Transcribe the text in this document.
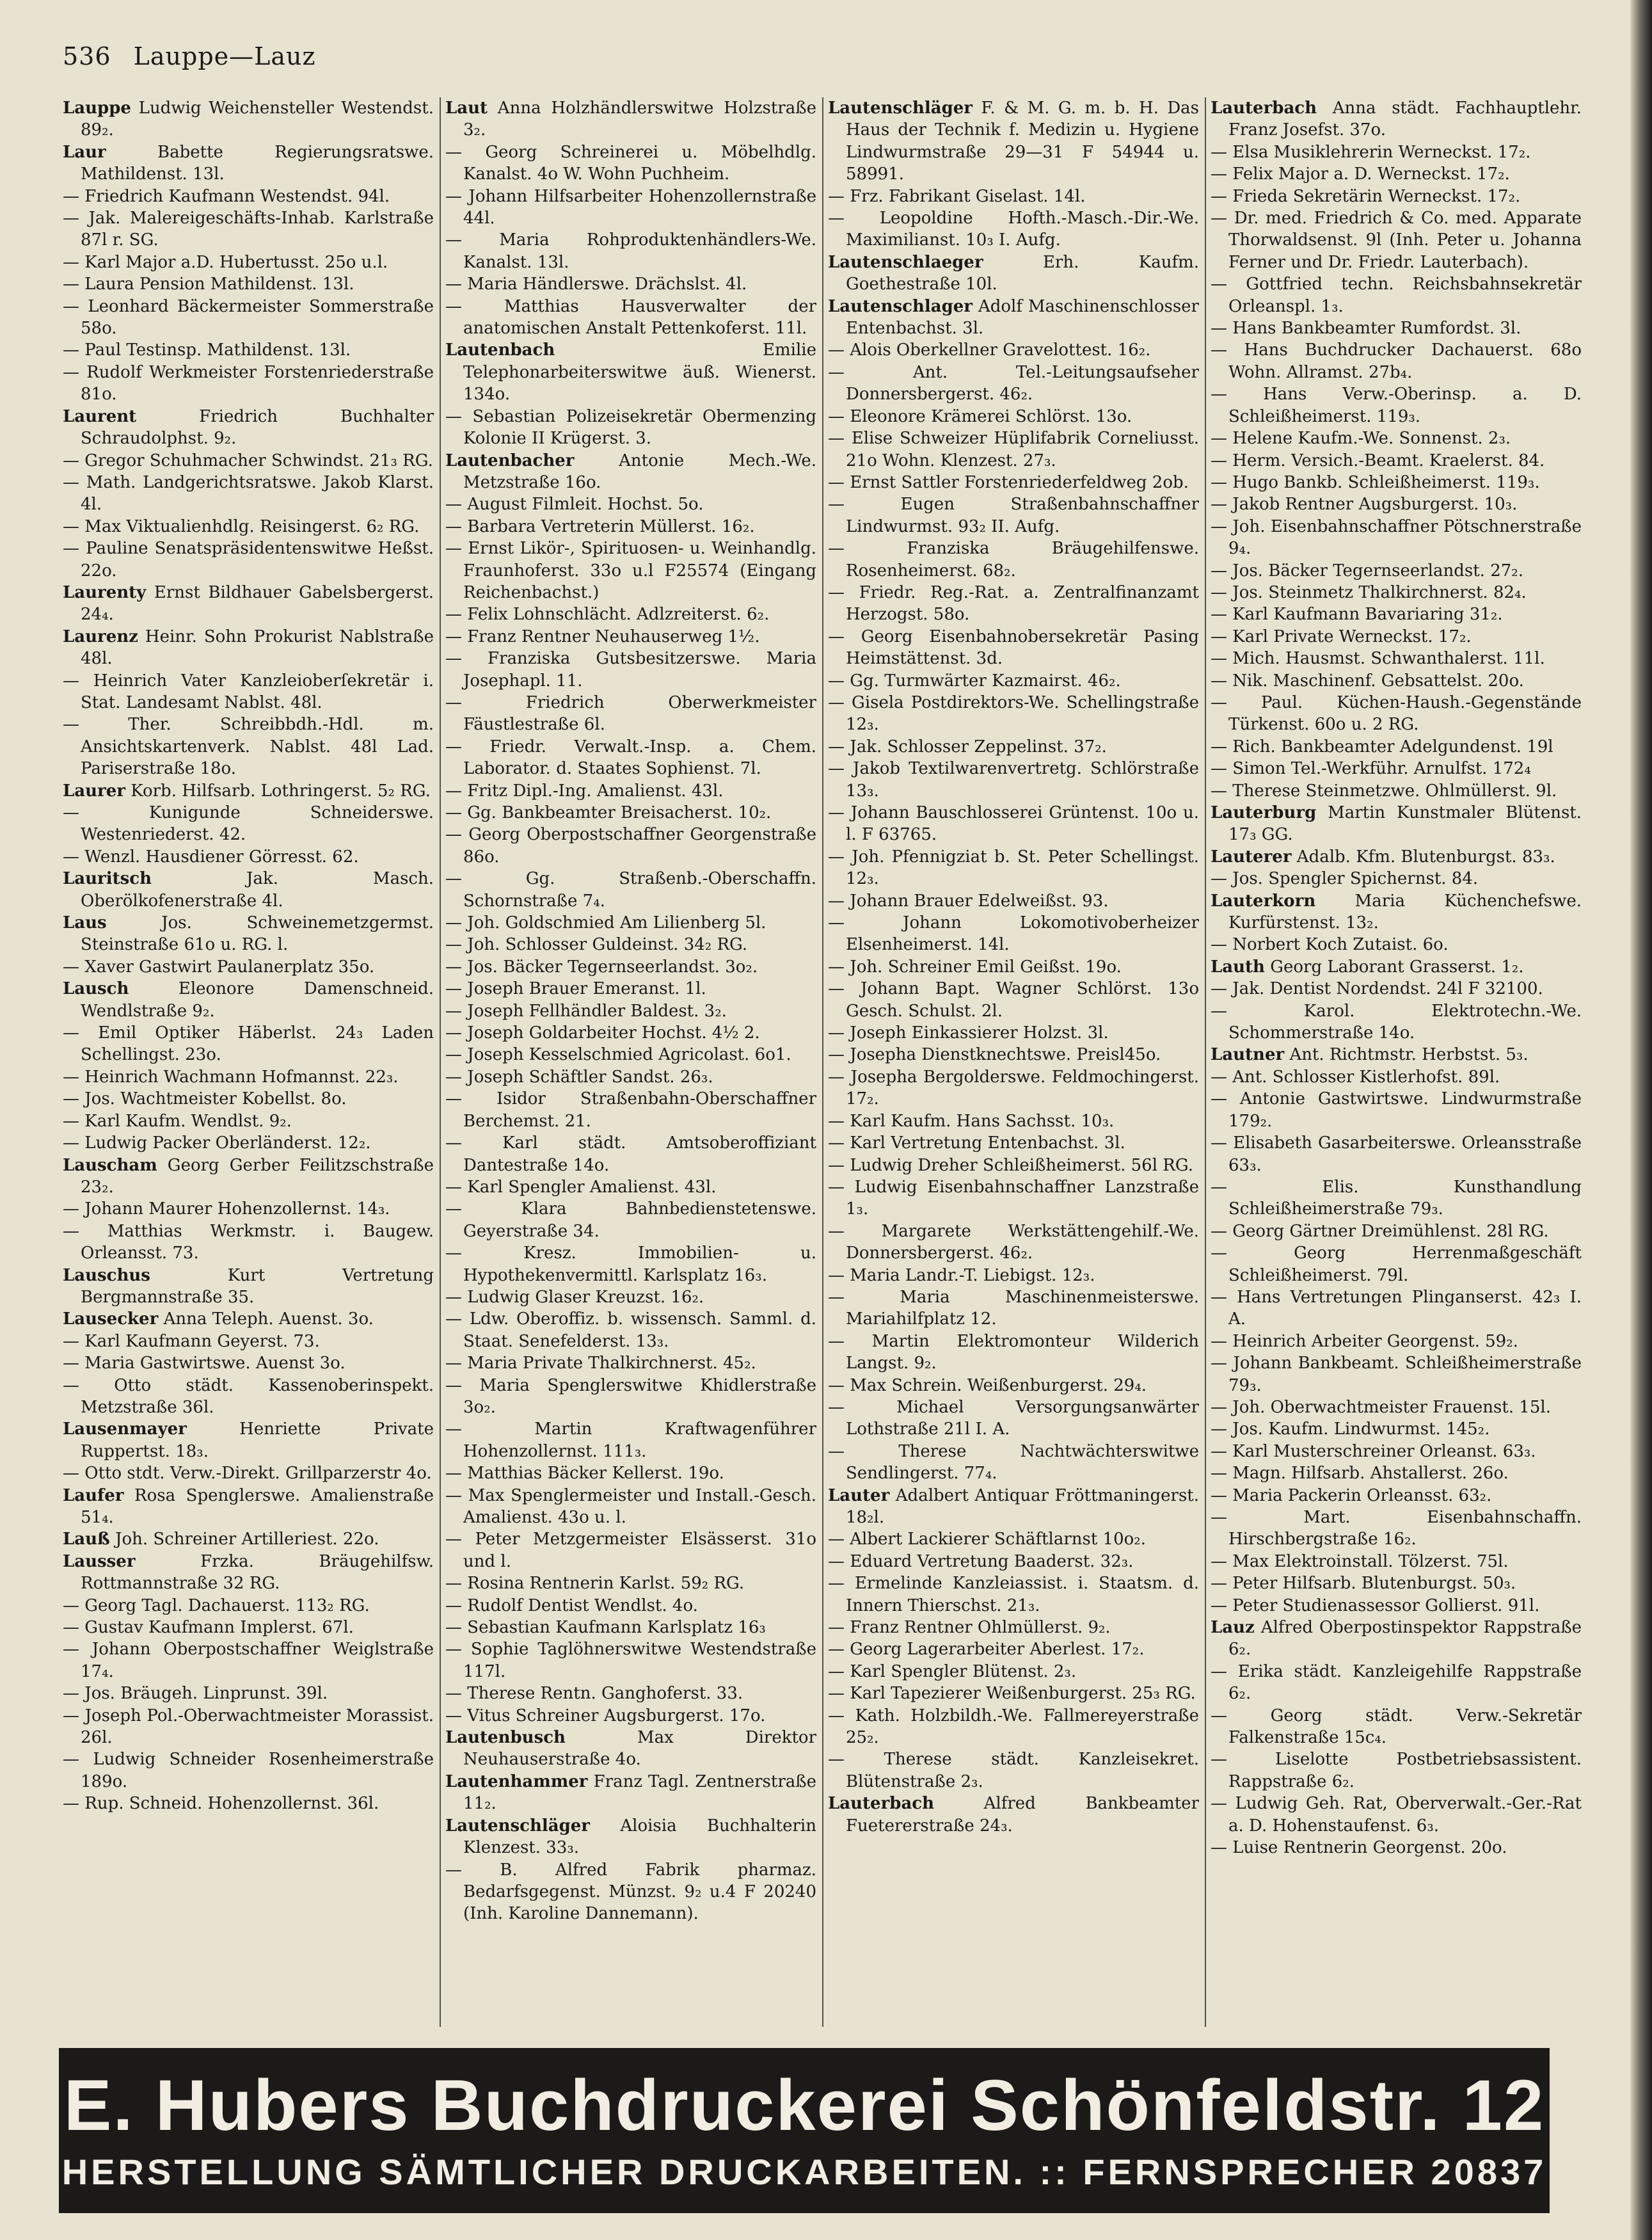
536 Lauppe—Lauz
Lauppe Ludwig Weichensteller Westendst. 89₂.
Laur	Babette Regierungsratswe. Mathildenst. 13l.
— Friedrich Kaufmann Westendst. 94l.
— Jak. Malereigeschäfts-Inhab. Karlstraße 87l r. SG.
— Karl Major a.D. Hubertusst. 25o u.l.
— Laura Pension Mathildenst. 13l.
— Leonhard Bäckermeister Sommerstraße 58o.
— Paul Testinsp. Mathildenst. 13l.
— Rudolf Werkmeister Forstenriederstraße 81o.
Laurent	Friedrich Buchhalter Schraudolphst. 9₂.
— Gregor Schuhmacher Schwindst. 21₃ RG.
— Math. Landgerichtsratswe. Jakob Klarst. 4l.
— Max Viktualienhdlg. Reisingerst. 6₂ RG.
— Pauline Senatspräsidentenswitwe Heßst. 22o.
Laurenty Ernst Bildhauer Gabelsbergerst. 24₄.
Laurenz Heinr. Sohn Prokurist Nablstraße 48l.
— Heinrich Vater Kanzleioberſekretär i. Stat. Landesamt Nablst. 48l.
— Ther. Schreibbdh.-Hdl. m. Ansichtskartenverk. Nablst. 48l Lad. Pariserstraße 18o.
Laurer Korb. Hilfsarb. Lothringerst. 5₂ RG.
— Kunigunde Schneiderswe. Westenriederst. 42.
— Wenzl. Hausdiener Görresst. 62.
Lauritsch	Jak. Masch. Oberölkofenerstraße 4l.
Laus	Jos. Schweinemetzgermst. Steinstraße 61o u. RG. l.
— Xaver Gastwirt Paulanerplatz 35o.
Lausch	Eleonore Damenschneid. Wendlstraße 9₂.
— Emil Optiker Häberlst. 24₃ Laden Schellingst. 23o.
— Heinrich Wachmann Hofmannst. 22₃.
— Jos. Wachtmeister Kobellst. 8o.
— Karl Kaufm. Wendlst. 9₂.
— Ludwig Packer Oberländerst. 12₂.
Lauscham Georg Gerber Feilitzschstraße 23₂.
— Johann Maurer Hohenzollernst. 14₃.
— Matthias Werkmstr. i. Baugew. Orleansst. 73.
Lauschus	Kurt Vertretung Bergmannstraße 35.
Lausecker Anna Teleph. Auenst. 3o.
— Karl Kaufmann Geyerst. 73.
— Maria Gastwirtswe. Auenst 3o.
— Otto städt. Kassenoberinspekt. Metzstraße 36l.
Lausenmayer	Henriette Private Ruppertst. 18₃.
— Otto stdt. Verw.-Direkt. Grillparzerstr 4o.
Laufer Rosa Spenglerswe. Amalienstraße 51₄.
Lauß Joh. Schreiner Artilleriest. 22o.
Lausser	Frzka. Bräugehilfsw. Rottmannstraße 32 RG.
— Georg Tagl. Dachauerst. 113₂ RG.
— Gustav Kaufmann Implerst. 67l.
— Johann Oberpostschaffner Weiglstraße 17₄.
— Jos. Bräugeh. Linprunst. 39l.
— Joseph Pol.-Oberwachtmeister Morassist. 26l.
— Ludwig Schneider Rosenheimerstraße 189o.
— Rup. Schneid. Hohenzollernst. 36l.
Laut Anna Holzhändlerswitwe Holzstraße 3₂.
— Georg Schreinerei u. Möbelhdlg. Kanalst. 4o W. Wohn Puchheim.
— Johann Hilfsarbeiter Hohenzollernstraße 44l.
— Maria Rohproduktenhändlers-We. Kanalst. 13l.
— Maria Händlerswe. Drächslst. 4l.
— Matthias Hausverwalter der anatomischen Anstalt Pettenkoferst. 11l.
Lautenbach	Emilie Telephonarbeiterswitwe äuß. Wienerst. 134o.
— Sebastian Polizeisekretär Obermenzing Kolonie II Krügerst. 3.
Lautenbacher	Antonie Mech.-We. Metzstraße 16o.
— August Filmleit. Hochst. 5o.
— Barbara Vertreterin Müllerst. 16₂.
— Ernst Likör-, Spirituosen- u. Weinhandlg. Fraunhoferst. 33o u.l F25574 (Eingang Reichenbachst.)
— Felix Lohnschlächt. Adlzreiterst. 6₂.
— Franz Rentner Neuhauserweg 1½.
— Franziska Gutsbesitzerswe. Maria Josephapl. 11.
— Friedrich Oberwerkmeister Fäustlestraße 6l.
— Friedr. Verwalt.-Insp. a. Chem. Laborator. d. Staates Sophienst. 7l.
— Fritz Dipl.-Ing. Amalienst. 43l.
— Gg. Bankbeamter Breisacherst. 10₂.
— Georg Oberpostschaffner Georgenstraße 86o.
— Gg. Straßenb.-Oberschaffn. Schornstraße 7₄.
— Joh. Goldschmied Am Lilienberg 5l.
— Joh. Schlosser Guldeinst. 34₂ RG.
— Jos. Bäcker Tegernseerlandst. 3o₂.
— Joseph Brauer Emeranst. 1l.
— Joseph Fellhändler Baldest. 3₂.
— Joseph Goldarbeiter Hochst. 4½ 2.
— Joseph Kesselschmied Agricolast. 6o1.
— Joseph Schäftler Sandst. 26₃.
— Isidor Straßenbahn-Oberschaffner Berchemst. 21.
— Karl städt. Amtsoberoffiziant Dantestraße 14o.
— Karl Spengler Amalienst. 43l.
— Klara Bahnbedienstetenswe. Geyerstraße 34.
— Kresz. Immobilien- u. Hypothekenvermittl. Karlsplatz 16₃.
— Ludwig Glaser Kreuzst. 16₂.
— Ldw. Oberoffiz. b. wissensch. Samml. d. Staat. Senefelderst. 13₃.
— Maria Private Thalkirchnerst. 45₂.
— Maria Spenglerswitwe Khidlerstraße 3o₂.
— Martin Kraftwagenführer Hohenzollernst. 111₃.
— Matthias Bäcker Kellerst. 19o.
— Max Spenglermeister und Install.-Gesch. Amalienst. 43o u. l.
— Peter Metzgermeister Elsässerst. 31o und l.
— Rosina Rentnerin Karlst. 59₂ RG.
— Rudolf Dentist Wendlst. 4o.
— Sebastian Kaufmann Karlsplatz 16₃
— Sophie Taglöhnerswitwe Westendstraße 117l.
— Therese Rentn. Ganghoferst. 33.
— Vitus Schreiner Augsburgerst. 17o.
Lautenbusch	Max Direktor Neuhauserstraße 4o.
Lautenhammer Franz Tagl. Zentnerstraße 11₂.
Lautenschläger Aloisia Buchhalterin Klenzest. 33₃.
— B. Alfred Fabrik pharmaz. Bedarfsgegenst. Münzst. 9₂ u.4 F 20240 (Inh. Karoline Dannemann).
Lautenschläger F. & M. G. m. b. H. Das Haus der Technik f. Medizin u. Hygiene Lindwurmstraße 29—31 F 54944 u. 58991.
— Frz. Fabrikant Giselast. 14l.
— Leopoldine Hofth.-Masch.-Dir.-We. Maximilianst. 10₃ I. Aufg.
Lautenschlaeger	Erh. Kaufm. Goethestraße 10l.
Lautenschlager Adolf Maschinenschlosser Entenbachst. 3l.
— Alois Oberkellner Gravelottest. 16₂.
— Ant. Tel.-Leitungsaufseher Donnersbergerst. 46₂.
— Eleonore Krämerei Schlörst. 13o.
— Elise Schweizer Hüplifabrik Corneliusst. 21o Wohn. Klenzest. 27₃.
— Ernst Sattler Forstenriederfeldweg 2ob.
— Eugen Straßenbahnschaffner Lindwurmst. 93₂ II. Aufg.
— Franziska Bräugehilfenswe. Rosenheimerst. 68₂.
— Friedr. Reg.-Rat. a. Zentralfinanzamt Herzogst. 58o.
— Georg Eisenbahnobersekretär Pasing Heimstättenst. 3d.
— Gg. Turmwärter Kazmairst. 46₂.
— Gisela Postdirektors-We. Schellingstraße 12₃.
— Jak. Schlosser Zeppelinst. 37₂.
— Jakob Textilwarenvertretg. Schlörstraße 13₃.
— Johann Bauschlosserei Grüntenst. 10o u. l. F 63765.
— Joh. Pfennigziat b. St. Peter Schellingst. 12₃.
— Johann Brauer Edelweißst. 93.
— Johann Lokomotivoberheizer Elsenheimerst. 14l.
— Joh. Schreiner Emil Geißst. 19o.
— Johann Bapt. Wagner Schlörst. 13o Gesch. Schulst. 2l.
— Joseph Einkassierer Holzst. 3l.
— Josepha Dienstknechtswe. Preisl45o.
— Josepha Bergolderswe. Feldmochingerst. 17₂.
— Karl Kaufm. Hans Sachsst. 10₃.
— Karl Vertretung Entenbachst. 3l.
— Ludwig Dreher Schleißheimerst. 56l RG.
— Ludwig Eisenbahnschaffner Lanzstraße 1₃.
— Margarete Werkstättengehilf.-We. Donnersbergerst. 46₂.
— Maria Landr.-T. Liebigst. 12₃.
— Maria Maschinenmeisterswe. Mariahilfplatz 12.
— Martin Elektromonteur Wilderich Langst. 9₂.
— Max Schrein. Weißenburgerst. 29₄.
— Michael Versorgungsanwärter Lothstraße 21l I. A.
— Therese Nachtwächterswitwe Sendlingerst. 77₄.
Lauter Adalbert Antiquar Fröttmaningerst. 18₂l.
— Albert Lackierer Schäftlarnst 10o₂.
— Eduard Vertretung Baaderst. 32₃.
— Ermelinde Kanzleiassist. i. Staatsm. d. Innern Thierschst. 21₃.
— Franz Rentner Ohlmüllerst. 9₂.
— Georg Lagerarbeiter Aberlest. 17₂.
— Karl Spengler Blütenst. 2₃.
— Karl Tapezierer Weißenburgerst. 25₃ RG.
— Kath. Holzbildh.-We. Fallmereyerstraße 25₂.
— Therese städt. Kanzleisekret. Blütenstraße 2₃.
Lauterbach	Alfred Bankbeamter Fuetererstraße 24₃.
Lauterbach Anna städt. Fachhauptlehr. Franz Josefst. 37o.
— Elsa Musiklehrerin Werneckst. 17₂.
— Felix Major a. D. Werneckst. 17₂.
— Frieda Sekretärin Werneckst. 17₂.
— Dr. med. Friedrich & Co. med. Apparate Thorwaldsenst. 9l (Inh. Peter u. Johanna Ferner und Dr. Friedr. Lauterbach).
— Gottfried techn. Reichsbahnsekretär Orleanspl. 1₃.
— Hans Bankbeamter Rumfordst. 3l.
— Hans Buchdrucker Dachauerst. 68o Wohn. Allramst. 27b₄.
— Hans Verw.-Oberinsp. a. D. Schleißheimerst. 119₃.
— Helene Kaufm.-We. Sonnenst. 2₃.
— Herm. Versich.-Beamt. Kraelerst. 84.
— Hugo Bankb. Schleißheimerst. 119₃.
— Jakob Rentner Augsburgerst. 10₃.
— Joh. Eisenbahnschaffner Pötschnerstraße 9₄.
— Jos. Bäcker Tegernseerlandst. 27₂.
— Jos. Steinmetz Thalkirchnerst. 82₄.
— Karl Kaufmann Bavariaring 31₂.
— Karl Private Werneckst. 17₂.
— Mich. Hausmst. Schwanthalerst. 11l.
— Nik. Maschinenf. Gebsattelst. 20o.
— Paul. Küchen-Haush.-Gegenstände Türkenst. 60o u. 2 RG.
— Rich. Bankbeamter Adelgundenst. 19l
— Simon Tel.-Werkführ. Arnulfst. 172₄
— Therese Steinmetzwe. Ohlmüllerst. 9l.
Lauterburg Martin Kunstmaler Blütenst. 17₃ GG.
Lauterer Adalb. Kfm. Blutenburgst. 83₃.
— Jos. Spengler Spichernst. 84.
Lauterkorn Maria Küchenchefswe. Kurfürstenst. 13₂.
— Norbert Koch Zutaist. 6o.
Lauth Georg Laborant Grasserst. 1₂.
— Jak. Dentist Nordendst. 24l F 32100.
— Karol. Elektrotechn.-We. Schommerstraße 14o.
Lautner Ant. Richtmstr. Herbstst. 5₃.
— Ant. Schlosser Kistlerhofst. 89l.
— Antonie Gastwirtswe. Lindwurmstraße 179₂.
— Elisabeth Gasarbeiterswe. Orleansstraße 63₃.
— Elis. Kunsthandlung Schleißheimerstraße 79₃.
— Georg Gärtner Dreimühlenst. 28l RG.
— Georg Herrenmaßgeschäft Schleißheimerst. 79l.
— Hans Vertretungen Plinganserst. 42₃ I. A.
— Heinrich Arbeiter Georgenst. 59₂.
— Johann Bankbeamt. Schleißheimerstraße 79₃.
— Joh. Oberwachtmeister Frauenst. 15l.
— Jos. Kaufm. Lindwurmst. 145₂.
— Karl Musterschreiner Orleanst. 63₃.
— Magn. Hilfsarb. Ahstallerst. 26o.
— Maria Packerin Orleansst. 63₂.
— Mart. Eisenbahnschaffn. Hirschbergstraße 16₂.
— Max Elektroinstall. Tölzerst. 75l.
— Peter Hilfsarb. Blutenburgst. 50₃.
— Peter Studienassessor Gollierst. 91l.
Lauz Alfred Oberpostinspektor Rappstraße 6₂.
— Erika städt. Kanzleigehilfe Rappstraße 6₂.
— Georg städt. Verw.-Sekretär Falkenstraße 15c₄.
— Liselotte Postbetriebsassistent. Rappstraße 6₂.
— Ludwig Geh. Rat, Oberverwalt.-Ger.-Rat a. D. Hohenstaufenst. 6₃.
— Luise Rentnerin Georgenst. 20o.
E. Hubers Buchdruckerei Schönfeldstr. 12
HERSTELLUNG SÄMTLICHER DRUCKARBEITEN. :: FERNSPRECHER 20837
